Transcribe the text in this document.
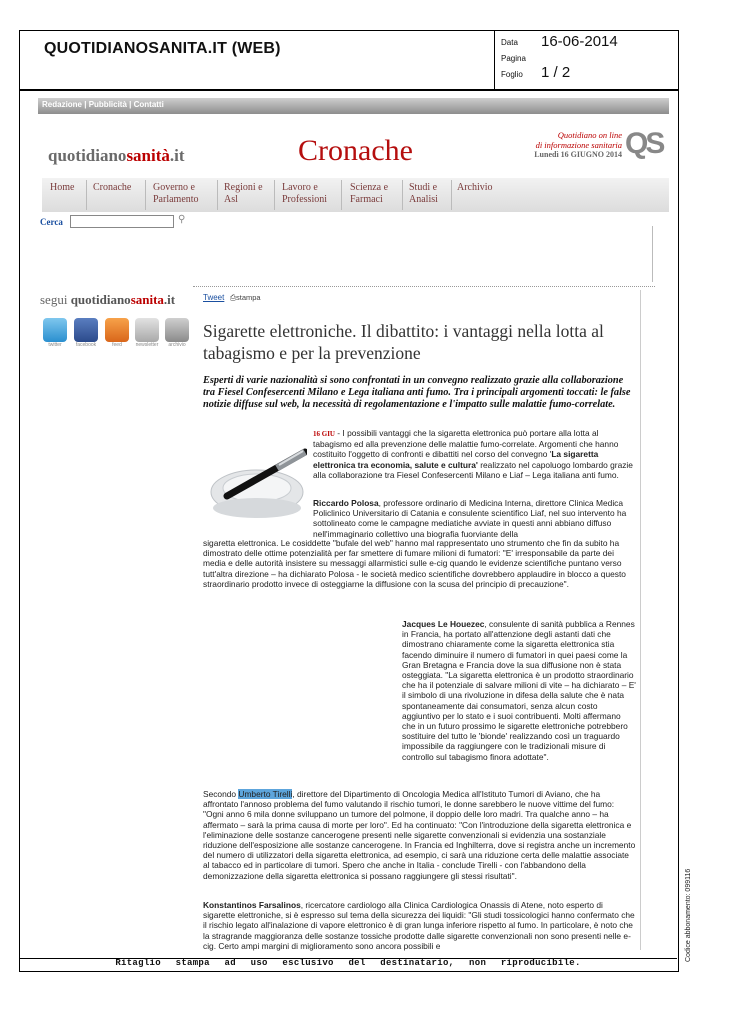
QUOTIDIANOSANITA.IT (WEB)	Data 16-06-2014
Pagina
Foglio 1 / 2
Redazione | Pubblicità | Contatti
quotidianosanità.it	Cronache	Quotidiano on line
di informazione sanitaria
Lunedì 16 GIUGNO 2014 QS
Home	Cronache	Governo e Parlamento
Regioni e Asl
Lavoro e Professioni
Scienza e Farmaci
Studi e Analisi
Archivio
Cerca	⚲
segui quotidianosanita.it	Tweet ⎙stampa
twitter	facebook	feed	newsletter	archivio
Sigarette elettroniche. Il dibattito: i vantaggi nella lotta al tabagismo e per la prevenzione
Esperti di varie nazionalità si sono confrontati in un convegno realizzato grazie alla collaborazione tra Fiesel Confesercenti Milano e Lega italiana anti fumo. Tra i principali argomenti toccati: le false notizie diffuse sul web, la necessità di regolamentazione e l'impatto sulle malattie fumo-correlate.
16 GIU - I possibili vantaggi che la sigaretta elettronica può portare alla lotta al tabagismo ed alla prevenzione delle malattie fumo-correlate. Argomenti che hanno costituito l'oggetto di confronti e dibattiti nel corso del convegno 'La sigaretta elettronica tra economia, salute e cultura' realizzato nel capoluogo lombardo grazie alla collaborazione tra Fiesel Confesercenti Milano e Liaf – Lega italiana anti fumo.
Riccardo Polosa, professore ordinario di Medicina Interna, direttore Clinica Medica Policlinico Universitario di Catania e consulente scientifico Liaf, nel suo intervento ha sottolineato come le campagne mediatiche avviate in questi anni abbiano diffuso nell'immaginario collettivo una biografia fuorviante della
sigaretta elettronica. Le cosiddette "bufale del web" hanno mal rappresentato uno strumento che fin da subito ha dimostrato delle ottime potenzialità per far smettere di fumare milioni di fumatori: "E' irresponsabile da parte dei media e delle autorità insistere su messaggi allarmistici sulle e-cig quando le evidenze scientifiche puntano verso tutt'altra direzione – ha dichiarato Polosa - le società medico scientifiche dovrebbero applaudire in blocco a questo straordinario prodotto invece di osteggiarne la diffusione con la scusa del principio di precauzione".
Jacques Le Houezec, consulente di sanità pubblica a Rennes in Francia, ha portato all'attenzione degli astanti dati che dimostrano chiaramente come la sigaretta elettronica stia facendo diminuire il numero di fumatori in quei paesi come la Gran Bretagna e Francia dove la sua diffusione non è stata osteggiata. "La sigaretta elettronica è un prodotto straordinario che ha il potenziale di salvare milioni di vite – ha dichiarato – E' il simbolo di una rivoluzione in difesa della salute che è nata spontaneamente dai consumatori, senza alcun costo aggiuntivo per lo stato e i suoi contribuenti. Molti affermano che in un futuro prossimo le sigarette elettroniche potrebbero sostituire del tutto le 'bionde' realizzando così un traguardo impossibile da raggiungere con le tradizionali misure di controllo sul tabagismo finora adottate".
Secondo Umberto Tirelli, direttore del Dipartimento di Oncologia Medica all'Istituto Tumori di Aviano, che ha affrontato l'annoso problema del fumo valutando il rischio tumori, le donne sarebbero le nuove vittime del fumo: "Ogni anno 6 mila donne sviluppano un tumore del polmone, il doppio delle loro madri. Tra qualche anno – ha affermato – sarà la prima causa di morte per loro". Ed ha continuato: "Con l'introduzione della sigaretta elettronica e l'eliminazione delle sostanze cancerogene presenti nelle sigarette convenzionali si evidenzia una sostanziale riduzione dell'esposizione alle sostanze cancerogene. In Francia ed Inghilterra, dove si registra anche un incremento del numero di utilizzatori della sigaretta elettronica, ad esempio, ci sarà una riduzione certa delle malattie associate al tabacco ed in particolare di tumori. Spero che anche in Italia - conclude Tirelli - con l'abbandono della demonizzazione della sigaretta elettronica si possano raggiungere gli stessi risultati".
Konstantinos Farsalinos, ricercatore cardiologo alla Clinica Cardiologica Onassis di Atene, noto esperto di sigarette elettroniche, si è espresso sul tema della sicurezza dei liquidi: "Gli studi tossicologici hanno confermato che il rischio legato all'inalazione di vapore elettronico è di gran lunga inferiore rispetto al fumo. In particolare, è noto che la stragrande maggioranza delle sostanze tossiche prodotte dalle sigarette convenzionali non sono presenti nelle e-cig. Certo ampi margini di miglioramento sono ancora possibili e
Ritaglio stampa ad uso esclusivo del destinatario, non riproducibile.
Codice abbonamento: 099116
